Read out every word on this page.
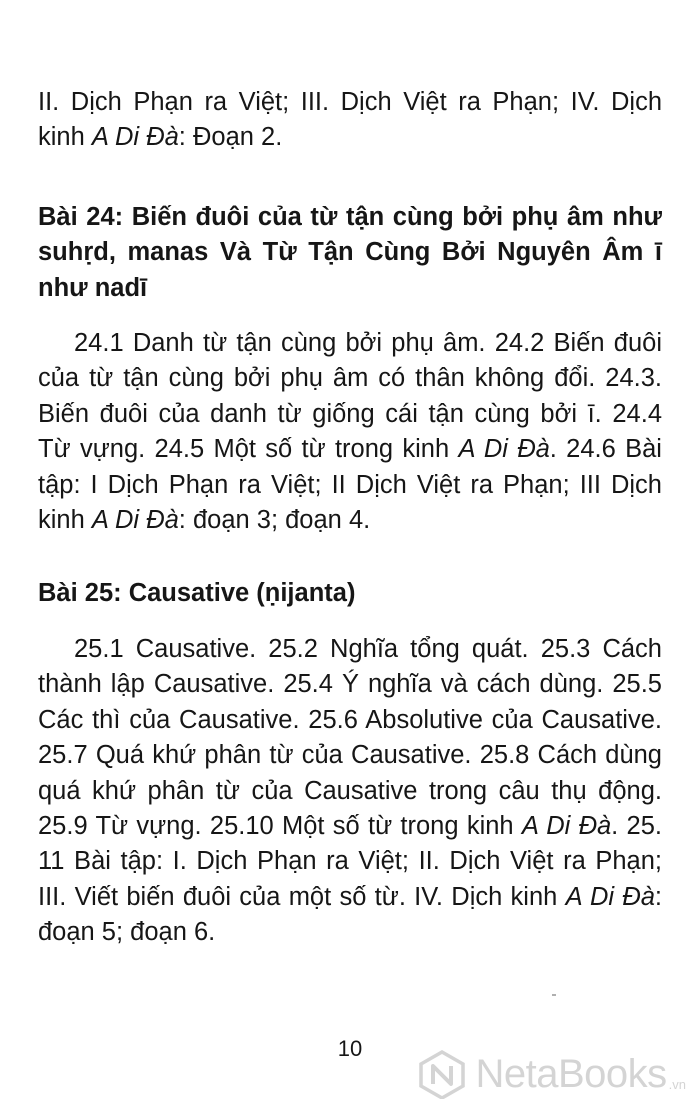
II. Dịch Phạn ra Việt; III. Dịch Việt ra Phạn; IV. Dịch kinh A Di Đà: Đoạn 2.

Bài 24: Biến đuôi của từ tận cùng bởi phụ âm như suhṛd, manas Và Từ Tận Cùng Bởi Nguyên Âm ī như nadī

24.1 Danh từ tận cùng bởi phụ âm. 24.2 Biến đuôi của từ tận cùng bởi phụ âm có thân không đổi. 24.3. Biến đuôi của danh từ giống cái tận cùng bởi ī. 24.4 Từ vựng. 24.5 Một số từ trong kinh A Di Đà. 24.6 Bài tập: I Dịch Phạn ra Việt; II Dịch Việt ra Phạn; III Dịch kinh A Di Đà: đoạn 3; đoạn 4.

Bài 25: Causative (ṇijanta)

25.1 Causative. 25.2 Nghĩa tổng quát. 25.3 Cách thành lập Causative. 25.4 Ý nghĩa và cách dùng. 25.5 Các thì của Causative. 25.6 Absolutive của Causative. 25.7 Quá khứ phân từ của Causative. 25.8 Cách dùng quá khứ phân từ của Causative trong câu thụ động. 25.9 Từ vựng. 25.10 Một số từ trong kinh A Di Đà. 25. 11 Bài tập: I. Dịch Phạn ra Việt; II. Dịch Việt ra Phạn; III. Viết biến đuôi của một số từ. IV. Dịch kinh A Di Đà: đoạn 5; đoạn 6.

10
NetaBooks .vn
